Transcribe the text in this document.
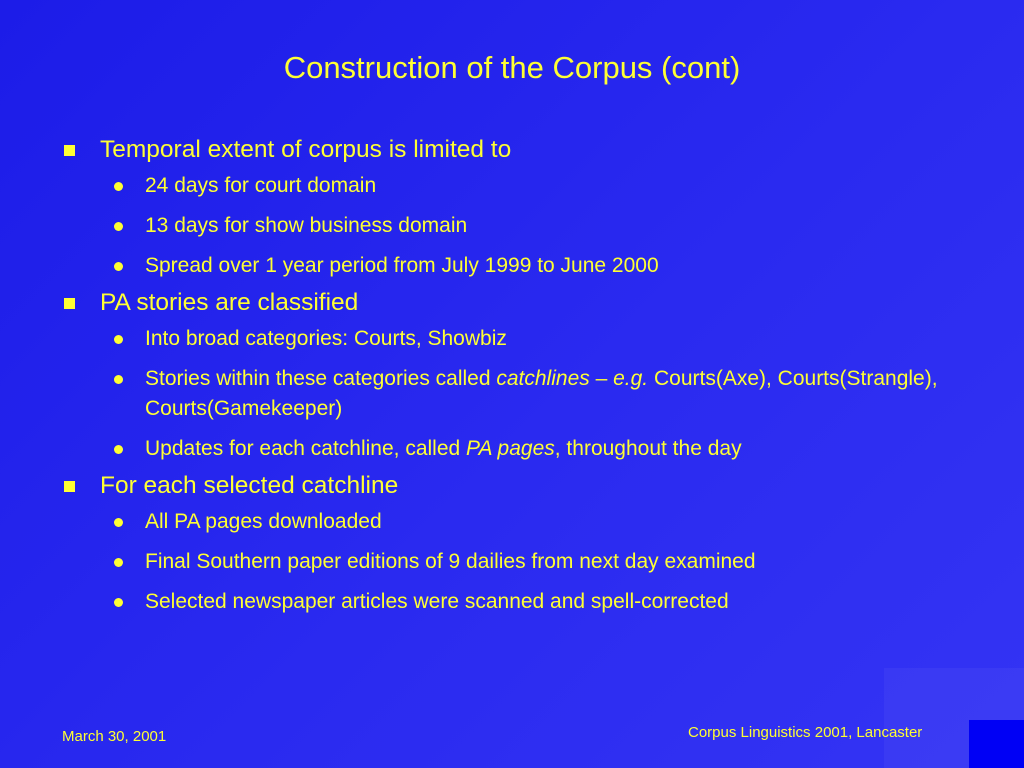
Construction of the Corpus (cont)
Temporal extent of corpus is limited to
24 days for court domain
13 days for show business domain
Spread over 1 year period from July 1999 to June 2000
PA stories are classified
Into broad categories: Courts, Showbiz
Stories within these categories called catchlines – e.g. Courts(Axe), Courts(Strangle), Courts(Gamekeeper)
Updates for each catchline, called PA pages, throughout the day
For each selected catchline
All PA pages downloaded
Final Southern paper editions of 9 dailies from next day examined
Selected newspaper articles were scanned and spell-corrected
March 30, 2001	Corpus Linguistics 2001, Lancaster
